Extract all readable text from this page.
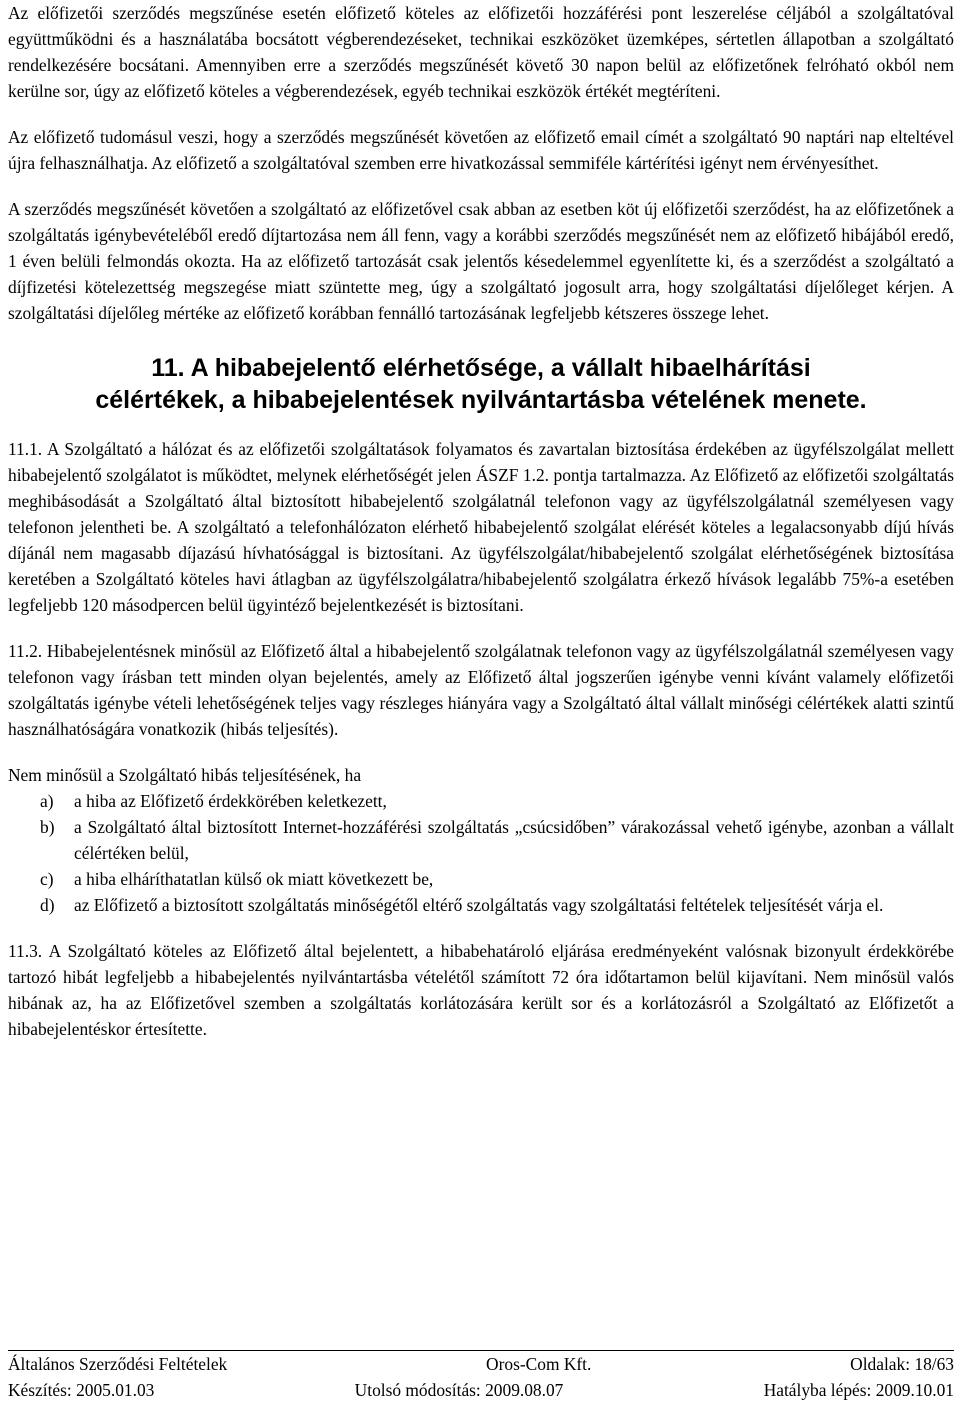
Az előfizetői szerződés megszűnése esetén előfizető köteles az előfizetői hozzáférési pont leszerelése céljából a szolgáltatóval együttműködni és a használatába bocsátott végberendezéseket, technikai eszközöket üzemképes, sértetlen állapotban a szolgáltató rendelkezésére bocsátani. Amennyiben erre a szerződés megszűnését követő 30 napon belül az előfizetőnek felróható okból nem kerülne sor, úgy az előfizető köteles a végberendezések, egyéb technikai eszközök értékét megtéríteni.

Az előfizető tudomásul veszi, hogy a szerződés megszűnését követően az előfizető email címét a szolgáltató 90 naptári nap elteltével újra felhasználhatja. Az előfizető a szolgáltatóval szemben erre hivatkozással semmiféle kártérítési igényt nem érvényesíthet.

A szerződés megszűnését követően a szolgáltató az előfizetővel csak abban az esetben köt új előfizetői szerződést, ha az előfizetőnek a szolgáltatás igénybevételéből eredő díjtartozása nem áll fenn, vagy a korábbi szerződés megszűnését nem az előfizető hibájából eredő, 1 éven belüli felmondás okozta. Ha az előfizető tartozását csak jelentős késedelemmel egyenlítette ki, és a szerződést a szolgáltató a díjfizetési kötelezettség megszegése miatt szüntette meg, úgy a szolgáltató jogosult arra, hogy szolgáltatási díjelőleget kérjen. A szolgáltatási díjelőleg mértéke az előfizető korábban fennálló tartozásának legfeljebb kétszeres összege lehet.

11. A hibabejelentő elérhetősége, a vállalt hibaelhárítási
célértékek, a hibabejelentések nyilvántartásba vételének menete.

11.1. A Szolgáltató a hálózat és az előfizetői szolgáltatások folyamatos és zavartalan biztosítása érdekében az ügyfélszolgálat mellett hibabejelentő szolgálatot is működtet, melynek elérhetőségét jelen ÁSZF 1.2. pontja tartalmazza. Az Előfizető az előfizetői szolgáltatás meghibásodását a Szolgáltató által biztosított hibabejelentő szolgálatnál telefonon vagy az ügyfélszolgálatnál személyesen vagy telefonon jelentheti be. A szolgáltató a telefonhálózaton elérhető hibabejelentő szolgálat elérését köteles a legalacsonyabb díjú hívás díjánál nem magasabb díjazású hívhatósággal is biztosítani. Az ügyfélszolgálat/hibabejelentő szolgálat elérhetőségének biztosítása keretében a Szolgáltató köteles havi átlagban az ügyfélszolgálatra/hibabejelentő szolgálatra érkező hívások legalább 75%-a esetében legfeljebb 120 másodpercen belül ügyintéző bejelentkezését is biztosítani.

11.2. Hibabejelentésnek minősül az Előfizető által a hibabejelentő szolgálatnak telefonon vagy az ügyfélszolgálatnál személyesen vagy telefonon vagy írásban tett minden olyan bejelentés, amely az Előfizető által jogszerűen igénybe venni kívánt valamely előfizetői szolgáltatás igénybe vételi lehetőségének teljes vagy részleges hiányára vagy a Szolgáltató által vállalt minőségi célértékek alatti szintű használhatóságára vonatkozik (hibás teljesítés).

Nem minősül a Szolgáltató hibás teljesítésének, ha

a)	a hiba az Előfizető érdekkörében keletkezett,
b)	a Szolgáltató által biztosított Internet-hozzáférési szolgáltatás „csúcsidőben” várakozással vehető igénybe, azonban a vállalt célértéken belül,
c)	a hiba elháríthatatlan külső ok miatt következett be,
d)	az Előfizető a biztosított szolgáltatás minőségétől eltérő szolgáltatás vagy szolgáltatási feltételek teljesítését várja el.

11.3. A Szolgáltató köteles az Előfizető által bejelentett, a hibabehatároló eljárása eredményeként valósnak bizonyult érdekkörébe tartozó hibát legfeljebb a hibabejelentés nyilvántartásba vételétől számított 72 óra időtartamon belül kijavítani. Nem minősül valós hibának az, ha az Előfizetővel szemben a szolgáltatás korlátozására került sor és a korlátozásról a Szolgáltató az Előfizetőt a hibabejelentéskor értesítette.

Általános Szerződési Feltételek	Oros-Com Kft.	Oldalak: 18/63
Készítés: 2005.01.03	Utolsó módosítás: 2009.08.07	Hatályba lépés: 2009.10.01
